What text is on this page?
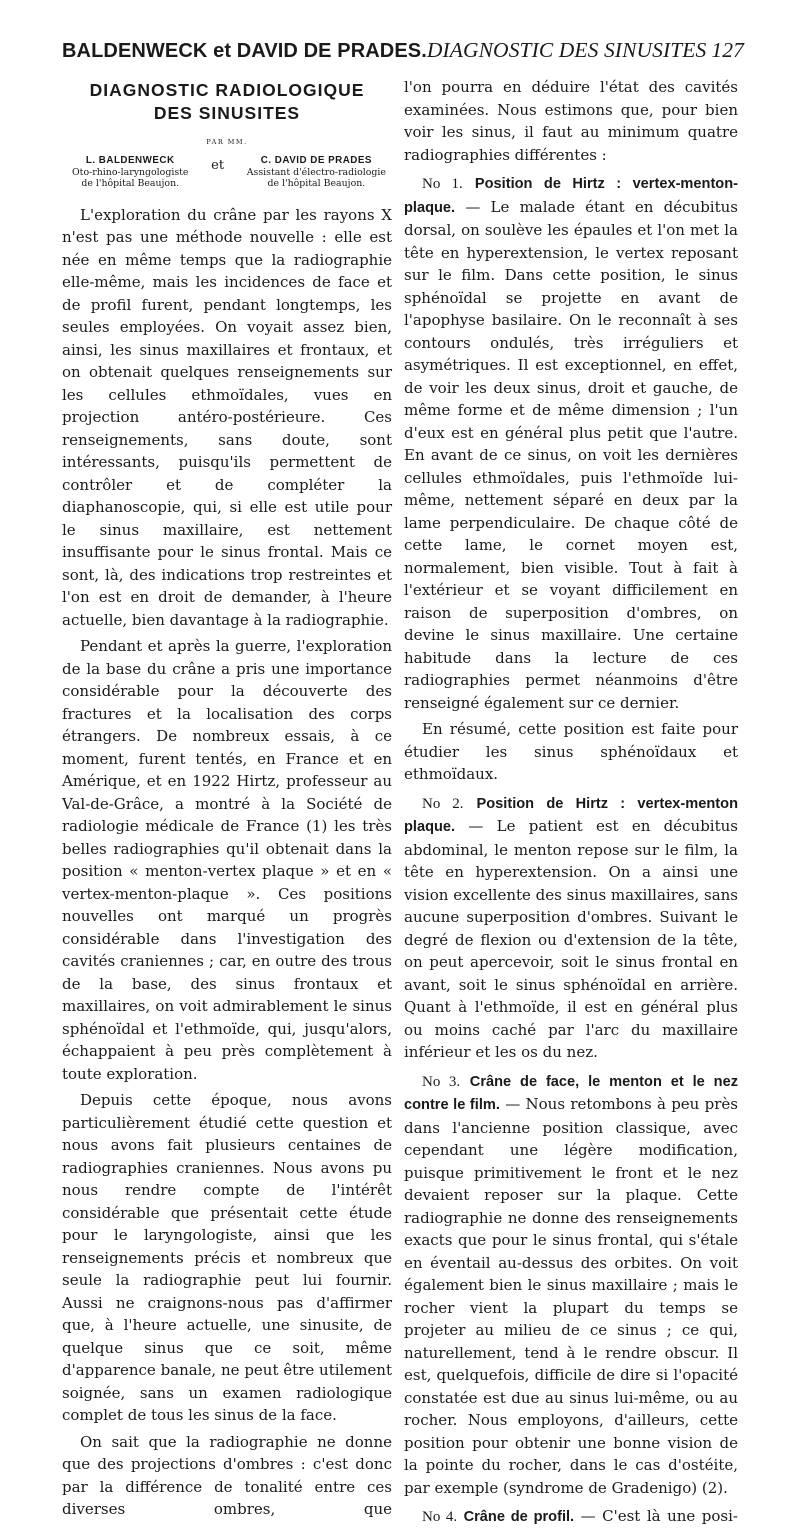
BALDENWECK et DAVID DE PRADES.DIAGNOSTIC DES SINUSITES 127
DIAGNOSTIC RADIOLOGIQUE
DES SINUSITES
PAR MM.
L. BALDENWECK
Oto-rhino-laryngologiste
de l'hôpital Beaujon.
et	C. DAVID DE PRADES
Assistant d'électro-radiologie
de l'hôpital Beaujon.

L'exploration du crâne par les rayons X n'est pas une méthode nouvelle : elle est née en même temps que la radiographie elle-même, mais les incidences de face et de profil furent, pendant longtemps, les seules employées. On voyait assez bien, ainsi, les sinus maxillaires et frontaux, et on obtenait quelques renseignements sur les cellules ethmoïdales, vues en projection antéro-postérieure. Ces renseignements, sans doute, sont intéressants, puisqu'ils permettent de contrôler et de compléter la diaphanoscopie, qui, si elle est utile pour le sinus maxillaire, est nettement insuffisante pour le sinus frontal. Mais ce sont, là, des indications trop restreintes et l'on est en droit de demander, à l'heure actuelle, bien davantage à la radiographie.

Pendant et après la guerre, l'exploration de la base du crâne a pris une importance considérable pour la découverte des fractures et la localisation des corps étrangers. De nombreux essais, à ce moment, furent tentés, en France et en Amérique, et en 1922 Hirtz, professeur au Val-de-Grâce, a montré à la Société de radiologie médicale de France (1) les très belles radiographies qu'il obtenait dans la position « menton-vertex plaque » et en « vertex-menton-plaque ». Ces positions nouvelles ont marqué un progrès considérable dans l'investigation des cavités craniennes ; car, en outre des trous de la base, des sinus frontaux et maxillaires, on voit admirablement le sinus sphénoïdal et l'ethmoïde, qui, jusqu'alors, échappaient à peu près complètement à toute exploration.

Depuis cette époque, nous avons particulièrement étudié cette question et nous avons fait plusieurs centaines de radiographies craniennes. Nous avons pu nous rendre compte de l'intérêt considérable que présentait cette étude pour le laryngologiste, ainsi que les renseignements précis et nombreux que seule la radiographie peut lui fournir. Aussi ne craignons-nous pas d'affirmer que, à l'heure actuelle, une sinusite, de quelque sinus que ce soit, même d'apparence banale, ne peut être utilement soignée, sans un examen radiologique complet de tous les sinus de la face.

On sait que la radiographie ne donne que des projections d'ombres : c'est donc par la différence de tonalité entre ces diverses ombres, que

l'on pourra en déduire l'état des cavités examinées. Nous estimons que, pour bien voir les sinus, il faut au minimum quatre radiographies différentes :

No 1. Position de Hirtz : vertex-menton-plaque. — Le malade étant en décubitus dorsal, on soulève les épaules et l'on met la tête en hyperextension, le vertex reposant sur le film. Dans cette position, le sinus sphénoïdal se projette en avant de l'apophyse basilaire. On le reconnaît à ses contours ondulés, très irréguliers et asymétriques. Il est exceptionnel, en effet, de voir les deux sinus, droit et gauche, de même forme et de même dimension ; l'un d'eux est en général plus petit que l'autre. En avant de ce sinus, on voit les dernières cellules ethmoïdales, puis l'ethmoïde lui-même, nettement séparé en deux par la lame perpendiculaire. De chaque côté de cette lame, le cornet moyen est, normalement, bien visible. Tout à fait à l'extérieur et se voyant difficilement en raison de superposition d'ombres, on devine le sinus maxillaire. Une certaine habitude dans la lecture de ces radiographies permet néanmoins d'être renseigné également sur ce dernier.

En résumé, cette position est faite pour étudier les sinus sphénoïdaux et ethmoïdaux.

No 2. Position de Hirtz : vertex-menton plaque. — Le patient est en décubitus abdominal, le menton repose sur le film, la tête en hyperextension. On a ainsi une vision excellente des sinus maxillaires, sans aucune superposition d'ombres. Suivant le degré de flexion ou d'extension de la tête, on peut apercevoir, soit le sinus frontal en avant, soit le sinus sphénoïdal en arrière. Quant à l'ethmoïde, il est en général plus ou moins caché par l'arc du maxillaire inférieur et les os du nez.

No 3. Crâne de face, le menton et le nez contre le film. — Nous retombons à peu près dans l'ancienne position classique, avec cependant une légère modification, puisque primitivement le front et le nez devaient reposer sur la plaque. Cette radiographie ne donne des renseignements exacts que pour le sinus frontal, qui s'étale en éventail au-dessus des orbites. On voit également bien le sinus maxillaire ; mais le rocher vient la plupart du temps se projeter au milieu de ce sinus ; ce qui, naturellement, tend à le rendre obscur. Il est, quelquefois, difficile de dire si l'opacité constatée est due au sinus lui-même, ou au rocher. Nous employons, d'ailleurs, cette position pour obtenir une bonne vision de la pointe du rocher, dans le cas d'ostéite, par exemple (syndrome de Gradenigo) (2).

No 4. Crâne de profil. — C'est là une posi-
